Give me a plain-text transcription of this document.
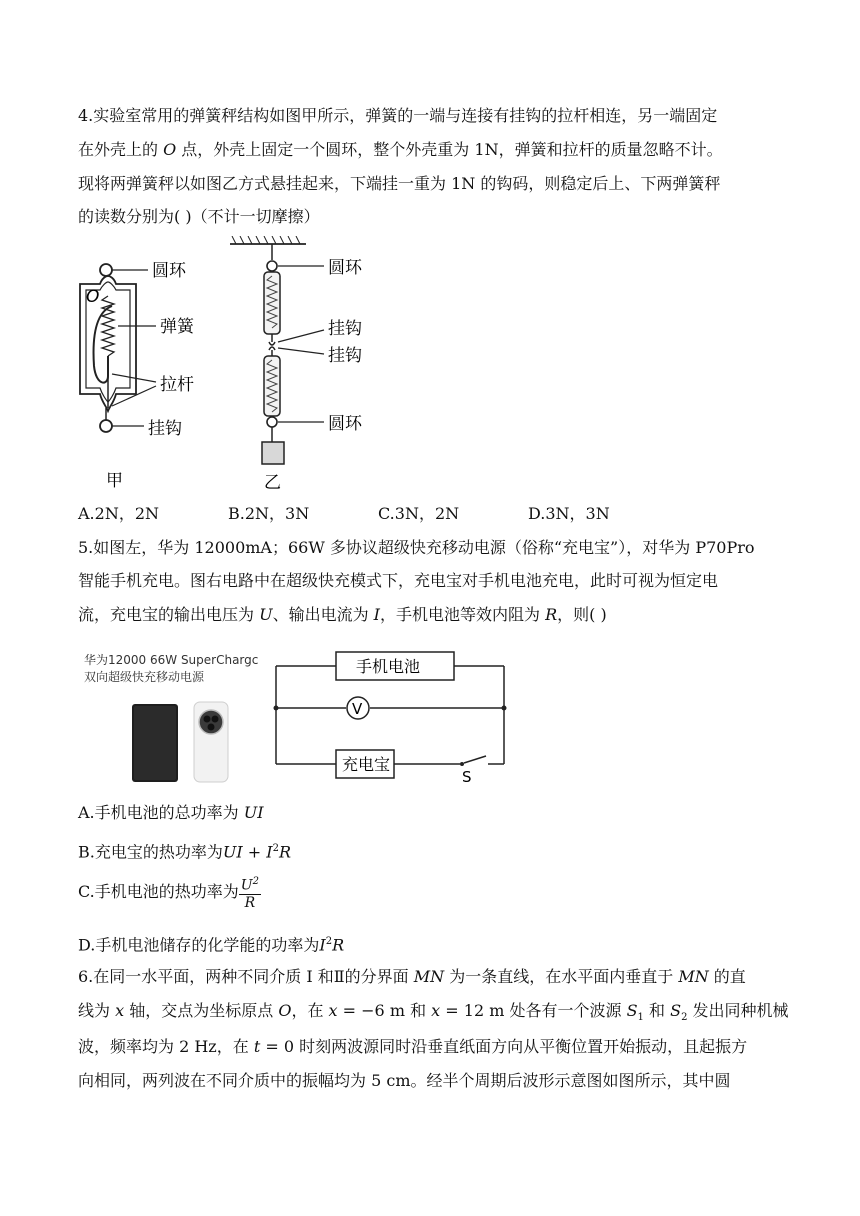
4.实验室常用的弹簧秤结构如图甲所示，弹簧的一端与连接有挂钩的拉杆相连，另一端固定
在外壳上的 O 点，外壳上固定一个圆环，整个外壳重为 1N，弹簧和拉杆的质量忽略不计。
现将两弹簧秤以如图乙方式悬挂起来，下端挂一重为 1N 的钩码，则稳定后上、下两弹簧秤
的读数分别为( )（不计一切摩擦）
圆环
O
弹簧
拉杆
挂钩
甲
圆环
挂钩
挂钩
圆环
乙
A.2N，2N	B.2N，3N	C.3N，2N	D.3N，3N
5.如图左，华为 12000mA；66W 多协议超级快充移动电源（俗称“充电宝”），对华为 P70Pro
智能手机充电。图右电路中在超级快充模式下，充电宝对手机电池充电，此时可视为恒定电
流，充电宝的输出电压为 U、输出电流为 I，手机电池等效内阻为 R，则( )
华为12000 66W SuperChargc
双向超级快充移动电源
手机电池
V
充电宝
S
A.手机电池的总功率为 UI
B.充电宝的热功率为UI + $I^2R$
C.手机电池的热功率为 $\frac{U^2}{R}$
D.手机电池储存的化学能的功率为$I^2R$
6.在同一水平面，两种不同介质 I 和Ⅱ的分界面 MN 为一条直线，在水平面内垂直于 MN 的直
线为 x 轴，交点为坐标原点 O，在 x = −6 m 和 x = 12 m 处各有一个波源 $S_1$ 和 $S_2$ 发出同种机械
波，频率均为 2 Hz，在 t = 0 时刻两波源同时沿垂直纸面方向从平衡位置开始振动，且起振方
向相同，两列波在不同介质中的振幅均为 5 cm。经半个周期后波形示意图如图所示，其中圆
